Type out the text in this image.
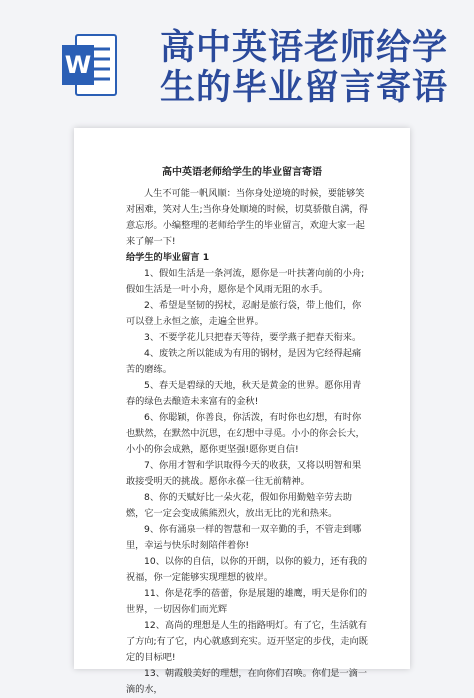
W 高中英语老师给学
生的毕业留言寄语
高中英语老师给学生的毕业留言寄语

人生不可能一帆风顺：当你身处逆境的时候，要能够笑对困难，笑对人生;当你身处顺境的时候，切莫骄傲自满，得意忘形。小编整理的老师给学生的毕业留言，欢迎大家一起来了解一下!

给学生的毕业留言 1

1、假如生活是一条河流，愿你是一叶扶著向前的小舟;假如生活是一叶小舟，愿你是个风雨无阻的水手。

2、希望是坚韧的拐杖，忍耐是旅行袋，带上他们，你可以登上永恒之旅，走遍全世界。

3、不要学花儿只把春天等待，要学燕子把春天衔来。

4、废铁之所以能成为有用的钢材，是因为它经得起痛苦的磨练。

5、春天是碧绿的天地，秋天是黄金的世界。愿你用青春的绿色去酿造未来富有的金秋!

6、你聪颖，你善良，你活泼，有时你也幻想，有时你也默然，在默然中沉思，在幻想中寻觅。小小的你会长大，小小的你会成熟，愿你更坚强!愿你更自信!

7、你用才智和学识取得今天的收获，又将以明智和果敢接受明天的挑战。愿你永葆一往无前精神。

8、你的天赋好比一朵火花，假如你用勤勉辛劳去助燃，它一定会变成熊熊烈火，放出无比的光和热来。

9、你有涌泉一样的智慧和一双辛勤的手，不管走到哪里，幸运与快乐时刻陪伴着你!

10、以你的自信，以你的开朗，以你的毅力，还有我的祝福，你一定能够实现理想的彼岸。

11、你是花季的蓓蕾，你是展翅的雄鹰，明天是你们的世界，一切因你们而光辉

12、高尚的理想是人生的指路明灯。有了它，生活就有了方向;有了它，内心就感到充实。迈开坚定的步伐，走向既定的目标吧!

13、朝霞般美好的理想，在向你们召唤。你们是一滴一滴的水，
